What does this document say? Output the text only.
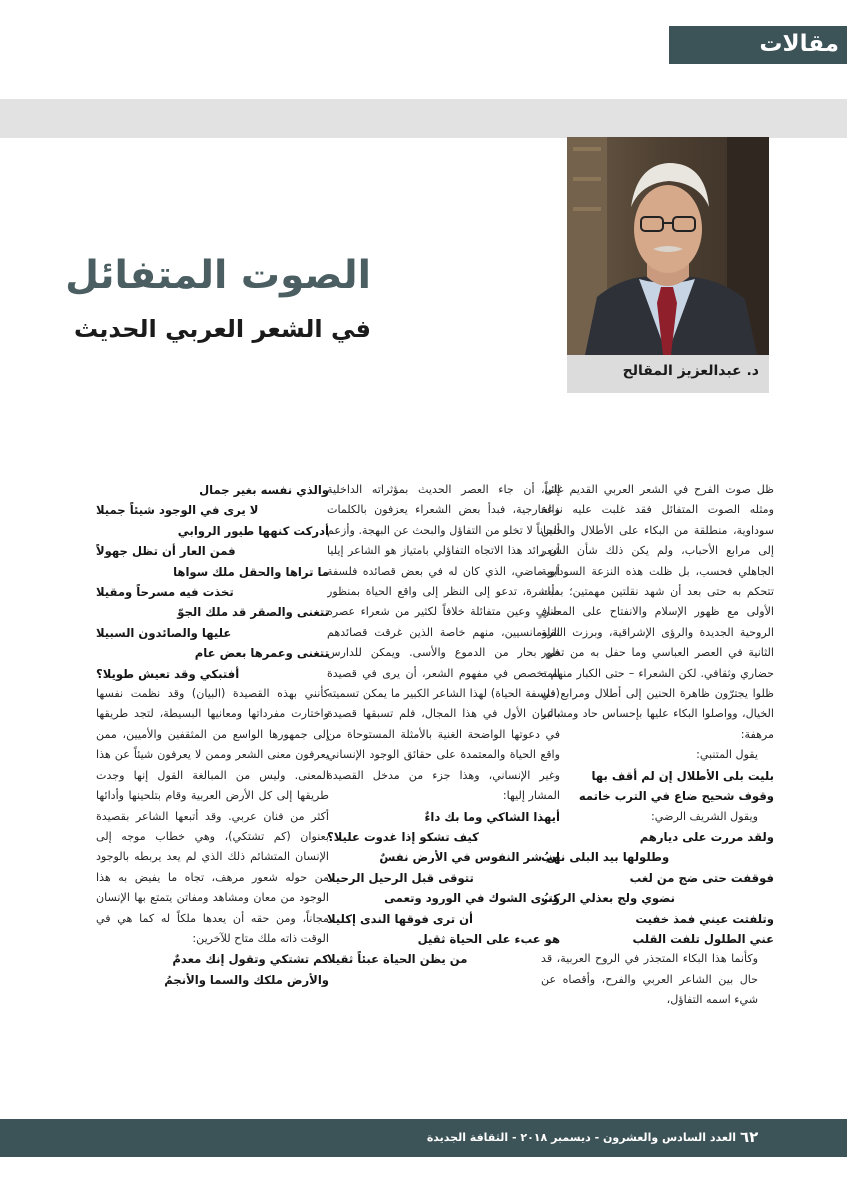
مقالات
د. عبدالعزيز المقالح
الصوت المتفائل
في الشعر العربي الحديث

ظل صوت الفرح في الشعر العربي القديم غائباً، ومثله الصوت المتفائل فقد غلبت عليه نزعة سوداوية، منطلقة من البكاء على الأطلال والحنين إلى مرابع الأحباب، ولم يكن ذلك شأن الشعر الجاهلي فحسب، بل ظلت هذه النزعة السوداوية تتحكم به حتى بعد أن شهد نقلتين مهمتين؛ بدأت الأولى مع ظهور الإسلام والانفتاح على المعاني الروحية الجديدة والرؤى الإشراقية، وبرزت النقلة الثانية في العصر العباسي وما حفل به من تطور حضاري وثقافي. لكن الشعراء – حتى الكبار منهم – ظلوا يجترّون ظاهرة الحنين إلى أطلال ومرابع في الخيال، وواصلوا البكاء عليها بإحساس حاد ومشاعر مرهفة:

يقول المتنبي:

بليت بلى الأطلال إن لم أقف بها

وقوف شحيح ضاع في الترب خاتمه

ويقول الشريف الرضي:

ولقد مررت على ديارهم

وطلولها بيد البلى نهبُ

فوقفت حتى ضج من لغب

نضوي ولج بعذلي الركبُ

وتلفتت عيني فمذ خفيت

عني الطلول تلفت القلب

وكأنما هذا البكاء المتجذر في الروح العربية، قد حال بين الشاعر العربي والفرح، وأقصاه عن شيء اسمه التفاؤل،

إلى أن جاء العصر الحديث بمؤثراته الداخلية والخارجية، فبدأ بعض الشعراء يعزفون بالكلمات ألحاناً لا تخلو من التفاؤل والبحث عن البهجة. وأزعم أن رائد هذا الاتجاه التفاؤلي بامتياز هو الشاعر إيليا أبو ماضي، الذي كان له في بعض قصائده فلسفة مباشرة، تدعو إلى النظر إلى واقع الحياة بمنظور صافٍ وعين متفائلة خلافاً لكثير من شعراء عصره الرومانسيين، منهم خاصة الذين غرقت قصائدهم في بحار من الدموع والأسى. ويمكن للدارس المتخصص في مفهوم الشعر، أن يرى في قصيدة (فلسفة الحياة) لهذا الشاعر الكبير ما يمكن تسميته بالبيان الأول في هذا المجال، فلم تسبقها قصيدة في دعوتها الواضحة الغنية بالأمثلة المستوحاة من واقع الحياة والمعتمدة على حقائق الوجود الإنساني وغير الإنساني، وهذا جزء من مدخل القصيدة المشار إليها:

أيهذا الشاكي وما بك داءٌ

كيف تشكو إذا غدوت عليلا؟

إن شر النفوس في الأرض نفسٌ

تتوقى قبل الرحيل الرحيلا

وترى الشوك في الورود وتعمى

أن ترى فوقها الندى إكليلا

هو عبء على الحياة ثقيل

من يظن الحياة عبئاً ثقيلا

والذي نفسه بغير جمال

لا يرى في الوجود شيئاً جميلا

أدركت كنهها طيور الروابي

فمن العار أن تظل جهولاً

ما تراها والحقل ملك سواها

تخذت فيه مسرحاً ومقيلا

تتغنى والصقر قد ملك الجوّ

عليها والصائدون السبيلا

تتغنى وعمرها بعض عام

أفتبكي وقد تعيش طويلا؟

كأنني بهذه القصيدة (البيان) وقد نظمت نفسها واختارت مفرداتها ومعانيها البسيطة، لتجد طريقها إلى جمهورها الواسع من المثقفين والأميين، ممن يعرفون معنى الشعر وممن لا يعرفون شيئاً عن هذا المعنى. وليس من المبالغة القول إنها وجدت طريقها إلى كل الأرض العربية وقام بتلحينها وأدائها أكثر من فنان عربي. وقد أتبعها الشاعر بقصيدة بعنوان (كم تشتكي)، وهي خطاب موجه إلى الإنسان المتشائم ذلك الذي لم يعد يربطه بالوجود من حوله شعور مرهف، تجاه ما يفيض به هذا الوجود من معان ومشاهد ومفاتن يتمتع بها الإنسان مجاناً، ومن حقه أن يعدها ملكاً له كما هي في الوقت ذاته ملك متاح للآخرين:

كم تشتكي وتقول إنك معدمٌ

والأرض ملكك والسما والأنجمُ

٦٢
العدد السادس والعشرون - ديسمبر ٢٠١٨ - الثقافة الجديدة
